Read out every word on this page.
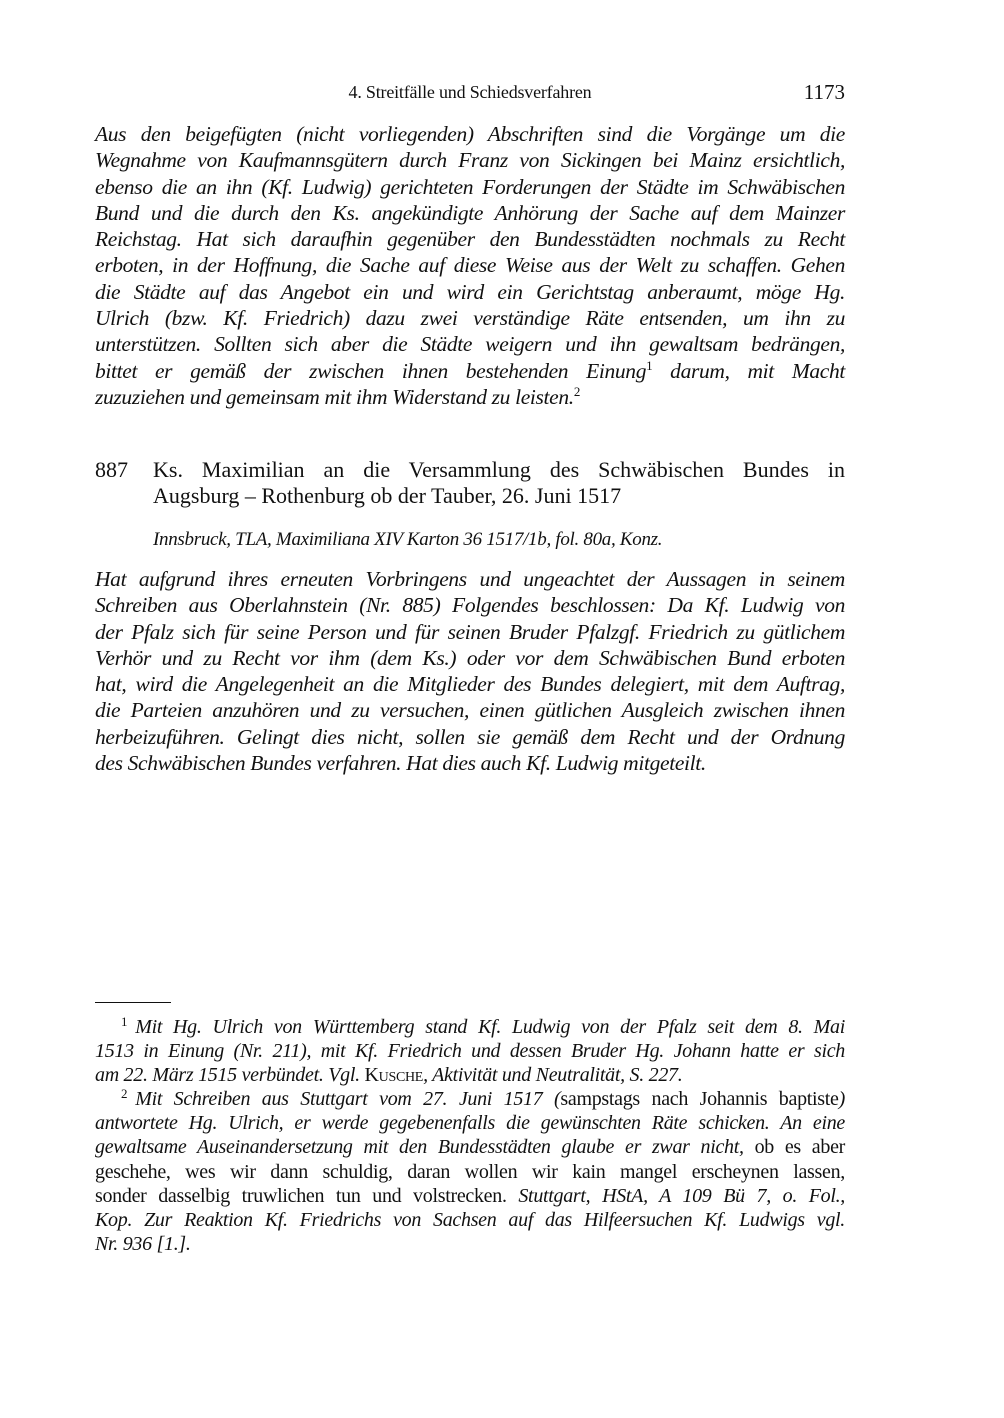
4. Streitfälle und Schiedsverfahren	1173

Aus den beigefügten (nicht vorliegenden) Abschriften sind die Vorgänge um die
Wegnahme von Kaufmannsgütern durch Franz von Sickingen bei Mainz ersichtlich,
ebenso die an ihn (Kf. Ludwig) gerichteten Forderungen der Städte im Schwäbischen
Bund und die durch den Ks. angekündigte Anhörung der Sache auf dem Mainzer
Reichstag. Hat sich daraufhin gegenüber den Bundesstädten nochmals zu Recht
erboten, in der Hoffnung, die Sache auf diese Weise aus der Welt zu schaffen. Gehen
die Städte auf das Angebot ein und wird ein Gerichtstag anberaumt, möge Hg.
Ulrich (bzw. Kf. Friedrich) dazu zwei verständige Räte entsenden, um ihn zu
unterstützen. Sollten sich aber die Städte weigern und ihn gewaltsam bedrängen,
bittet er gemäß der zwischen ihnen bestehenden Einung$^1$ darum, mit Macht
zuzuziehen und gemeinsam mit ihm Widerstand zu leisten.$^2$

887 Ks. Maximilian an die Versammlung des Schwäbischen Bundes in
Augsburg – Rothenburg ob der Tauber, 26. Juni 1517
Innsbruck, TLA, Maximiliana XIV Karton 36 1517/1b, fol. 80a, Konz.

Hat aufgrund ihres erneuten Vorbringens und ungeachtet der Aussagen in seinem
Schreiben aus Oberlahnstein (Nr. 885) Folgendes beschlossen: Da Kf. Ludwig von
der Pfalz sich für seine Person und für seinen Bruder Pfalzgf. Friedrich zu gütlichem
Verhör und zu Recht vor ihm (dem Ks.) oder vor dem Schwäbischen Bund erboten
hat, wird die Angelegenheit an die Mitglieder des Bundes delegiert, mit dem Auftrag,
die Parteien anzuhören und zu versuchen, einen gütlichen Ausgleich zwischen ihnen
herbeizuführen. Gelingt dies nicht, sollen sie gemäß dem Recht und der Ordnung
des Schwäbischen Bundes verfahren. Hat dies auch Kf. Ludwig mitgeteilt.

$^1$ Mit Hg. Ulrich von Württemberg stand Kf. Ludwig von der Pfalz seit dem 8. Mai
1513 in Einung (Nr. 211), mit Kf. Friedrich und dessen Bruder Hg. Johann hatte er sich
am 22. März 1515 verbündet. Vgl. Kusche, Aktivität und Neutralität, S. 227.

$^2$ Mit Schreiben aus Stuttgart vom 27. Juni 1517 (sampstags nach Johannis baptiste)
antwortete Hg. Ulrich, er werde gegebenenfalls die gewünschten Räte schicken. An eine
gewaltsame Auseinandersetzung mit den Bundesstädten glaube er zwar nicht, ob es aber
geschehe, wes wir dann schuldig, daran wollen wir kain mangel erscheynen lassen,
sonder dasselbig truwlichen tun und volstrecken. Stuttgart, HStA, A 109 Bü 7, o. Fol.,
Kop. Zur Reaktion Kf. Friedrichs von Sachsen auf das Hilfeersuchen Kf. Ludwigs vgl.
Nr. 936 [1.].
